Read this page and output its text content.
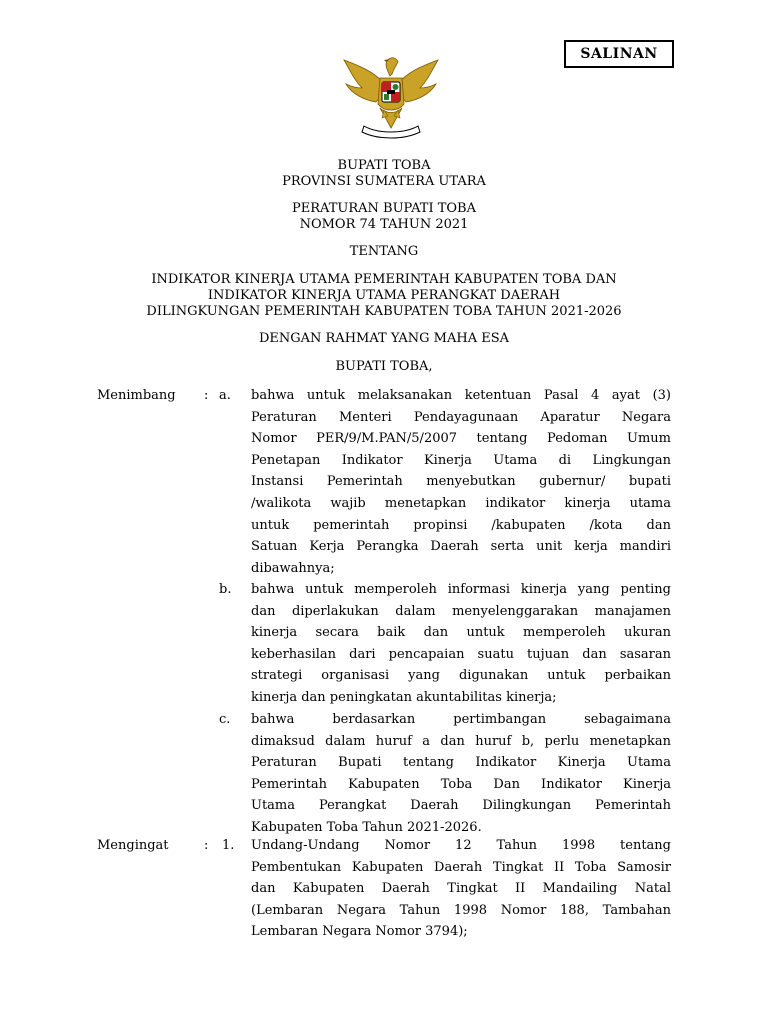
SALINAN
BUPATI TOBA
PROVINSI SUMATERA UTARA
PERATURAN BUPATI TOBA
NOMOR 74 TAHUN 2021
TENTANG
INDIKATOR KINERJA UTAMA PEMERINTAH KABUPATEN TOBA DAN
INDIKATOR KINERJA UTAMA PERANGKAT DAERAH
DILINGKUNGAN PEMERINTAH KABUPATEN TOBA TAHUN 2021-2026
DENGAN RAHMAT YANG MAHA ESA
BUPATI TOBA,
Menimbang : a. bahwa untuk melaksanakan ketentuan Pasal 4 ayat (3)
Peraturan Menteri Pendayagunaan Aparatur Negara
Nomor PER/9/M.PAN/5/2007 tentang Pedoman Umum
Penetapan Indikator Kinerja Utama di Lingkungan
Instansi Pemerintah menyebutkan gubernur/ bupati
/walikota wajib menetapkan indikator kinerja utama
untuk pemerintah propinsi /kabupaten /kota dan
Satuan Kerja Perangka Daerah serta unit kerja mandiri
dibawahnya;
b. bahwa untuk memperoleh informasi kinerja yang penting
dan diperlakukan dalam menyelenggarakan manajamen
kinerja secara baik dan untuk memperoleh ukuran
keberhasilan dari pencapaian suatu tujuan dan sasaran
strategi organisasi yang digunakan untuk perbaikan
kinerja dan peningkatan akuntabilitas kinerja;
c. bahwa berdasarkan pertimbangan sebagaimana
dimaksud dalam huruf a dan huruf b, perlu menetapkan
Peraturan Bupati tentang Indikator Kinerja Utama
Pemerintah Kabupaten Toba Dan Indikator Kinerja
Utama Perangkat Daerah Dilingkungan Pemerintah
Kabupaten Toba Tahun 2021-2026.
Mengingat	: 1. Undang-Undang Nomor 12 Tahun 1998 tentang
Pembentukan Kabupaten Daerah Tingkat II Toba Samosir
dan Kabupaten Daerah Tingkat II Mandailing Natal
(Lembaran Negara Tahun 1998 Nomor 188, Tambahan
Lembaran Negara Nomor 3794);
